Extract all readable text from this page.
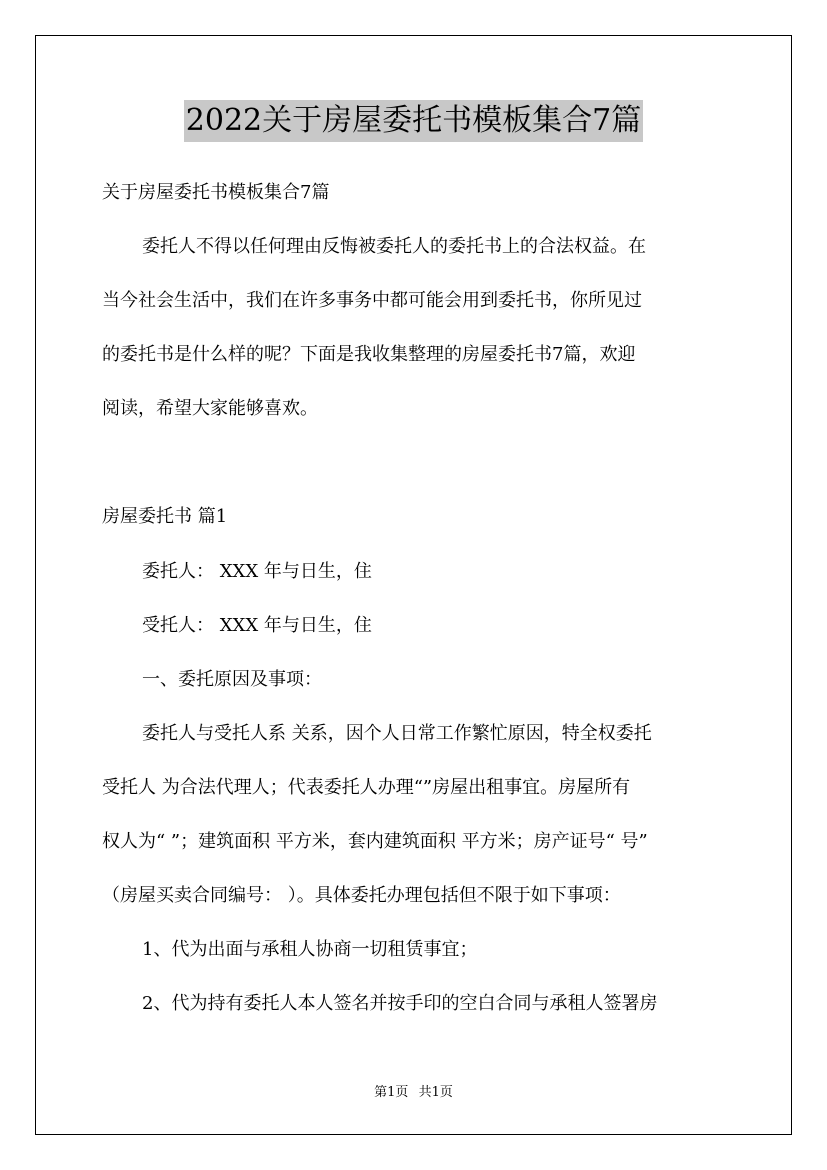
2022关于房屋委托书模板集合7篇
关于房屋委托书模板集合7篇
委托人不得以任何理由反悔被委托人的委托书上的合法权益。在
当今社会生活中，我们在许多事务中都可能会用到委托书，你所见过
的委托书是什么样的呢？下面是我收集整理的房屋委托书7篇，欢迎
阅读，希望大家能够喜欢。
房屋委托书 篇1
委托人： XXX 年与日生，住
受托人： XXX 年与日生，住
一、委托原因及事项：
委托人与受托人系 关系，因个人日常工作繁忙原因，特全权委托
受托人 为合法代理人；代表委托人办理“”房屋出租事宜。房屋所有
权人为“ ”；建筑面积 平方米，套内建筑面积 平方米；房产证号“ 号”
（房屋买卖合同编号： ）。具体委托办理包括但不限于如下事项：
1、代为出面与承租人协商一切租赁事宜；
2、代为持有委托人本人签名并按手印的空白合同与承租人签署房
第1页 共1页
